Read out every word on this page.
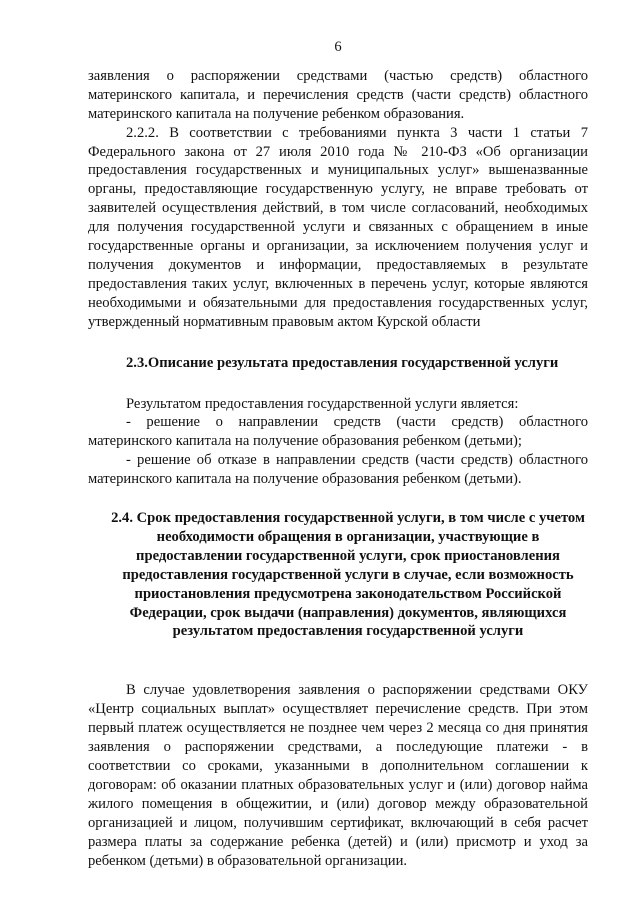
6

заявления о распоряжении средствами (частью средств) областного материнского капитала, и перечисления средств (части средств) областного материнского капитала на получение ребенком образования.

2.2.2. В соответствии с требованиями пункта 3 части 1 статьи 7 Федерального закона от 27 июля 2010 года № 210-ФЗ «Об организации предоставления государственных и муниципальных услуг» вышеназванные органы, предоставляющие государственную услугу, не вправе требовать от заявителей осуществления действий, в том числе согласований, необходимых для получения государственной услуги и связанных с обращением в иные государственные органы и организации, за исключением получения услуг и получения документов и информации, предоставляемых в результате предоставления таких услуг, включенных в перечень услуг, которые являются необходимыми и обязательными для предоставления государственных услуг, утвержденный нормативным правовым актом Курской области

2.3.Описание результата предоставления государственной услуги

Результатом предоставления государственной услуги является:

- решение о направлении средств (части средств) областного материнского капитала на получение образования ребенком (детьми);

- решение об отказе в направлении средств (части средств) областного материнского капитала на получение образования ребенком (детьми).

2.4. Срок предоставления государственной услуги, в том числе с учетом необходимости обращения в организации, участвующие в предоставлении государственной услуги, срок приостановления предоставления государственной услуги в случае, если возможность приостановления предусмотрена законодательством Российской Федерации, срок выдачи (направления) документов, являющихся результатом предоставления государственной услуги

В случае удовлетворения заявления о распоряжении средствами ОКУ «Центр социальных выплат» осуществляет перечисление средств. При этом первый платеж осуществляется не позднее чем через 2 месяца со дня принятия заявления о распоряжении средствами, а последующие платежи - в соответствии со сроками, указанными в дополнительном соглашении к договорам: об оказании платных образовательных услуг и (или) договор найма жилого помещения в общежитии, и (или) договор между образовательной организацией и лицом, получившим сертификат, включающий в себя расчет размера платы за содержание ребенка (детей) и (или) присмотр и уход за ребенком (детьми) в образовательной организации.
